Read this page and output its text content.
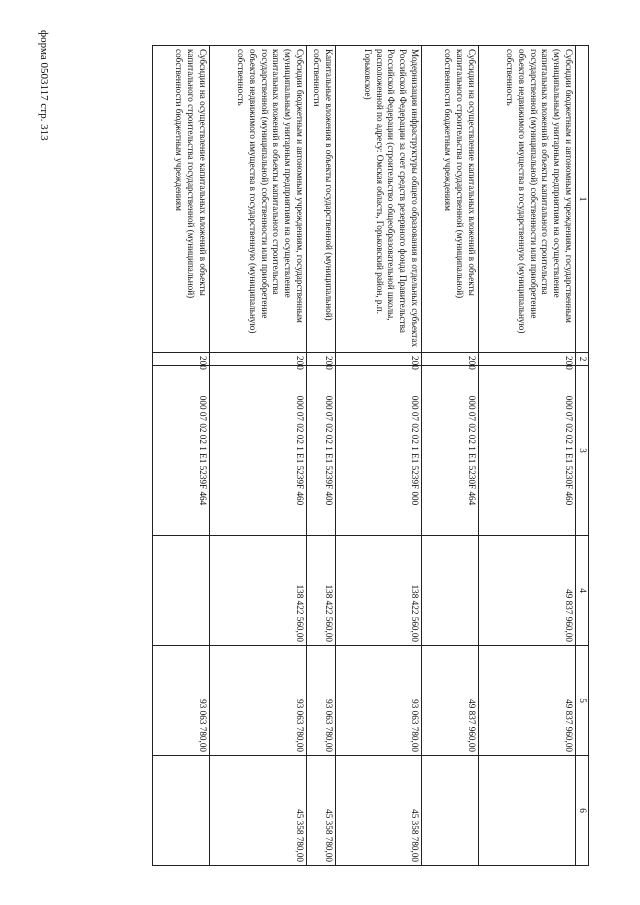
форма 0503117 стр. 313
1	2	3	4	5	6
Субсидии бюджетным и автономным учреждениям, государственным (муниципальным) унитарным предприятиям на осуществление капитальных вложений в объекты капитального строительства государственной (муниципальной) собственности или приобретение объектов недвижимого имущества в государственную (муниципальную) собственность	200	000 07 02 02 1 E1 5230F 460	49 837 960,00	49 837 960,00	
Субсидии на осуществление капитальных вложений в объекты капитального строительства государственной (муниципальной) собственности бюджетным учреждениям	200	000 07 02 02 1 E1 5230F 464		49 837 960,00	
Модернизация инфраструктуры общего образования в отдельных субъектах Российской Федерации за счет средств резервного фонда Правительства Российской Федерации (строительство общеобразовательной школы, расположенной по адресу: Омская область, Горьковский район, р.п. Горьковское)	200	000 07 02 02 1 E1 5239F 000	138 422 560,00	93 063 780,00	45 358 780,00
Капитальные вложения в объекты государственной (муниципальной) собственности	200	000 07 02 02 1 E1 5239F 400	138 422 560,00	93 063 780,00	45 358 780,00
Субсидии бюджетным и автономным учреждениям, государственным (муниципальным) унитарным предприятиям на осуществление капитальных вложений в объекты капитального строительства государственной (муниципальной) собственности или приобретение объектов недвижимого имущества в государственную (муниципальную) собственность	200	000 07 02 02 1 E1 5239F 460	138 422 560,00	93 063 780,00	45 358 780,00
Субсидии на осуществление капитальных вложений в объекты капитального строительства государственной (муниципальной) собственности бюджетным учреждениям	200	000 07 02 02 1 E1 5239F 464		93 063 780,00	
